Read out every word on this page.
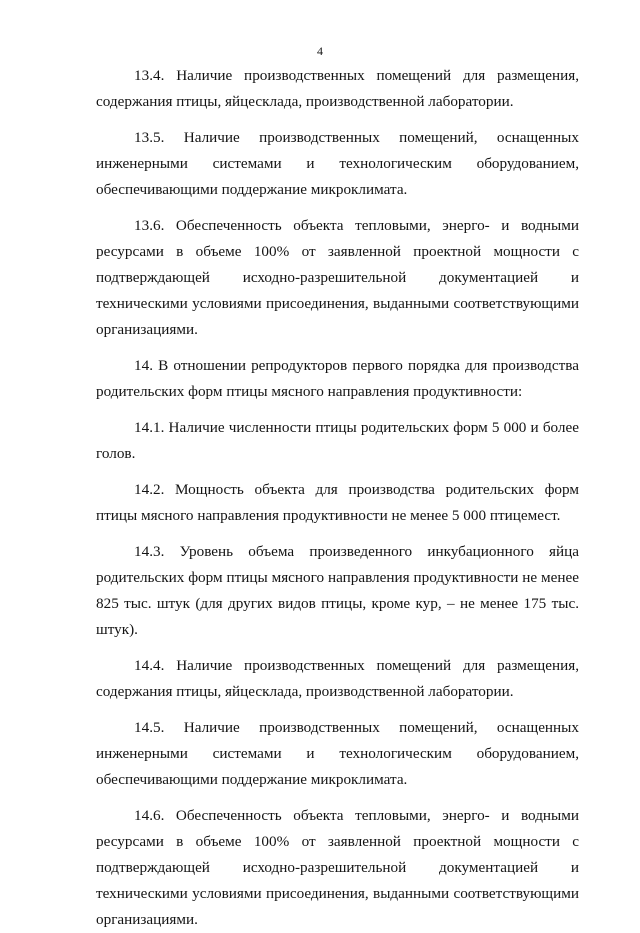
4

13.4. Наличие производственных помещений для размещения, содержания птицы, яйцесклада, производственной лаборатории.

13.5. Наличие производственных помещений, оснащенных инженерными системами и технологическим оборудованием, обеспечивающими поддержание микроклимата.

13.6. Обеспеченность объекта тепловыми, энерго- и водными ресурсами в объеме 100% от заявленной проектной мощности с подтверждающей исходно-разрешительной документацией и техническими условиями присоединения, выданными соответствующими организациями.

14. В отношении репродукторов первого порядка для производства родительских форм птицы мясного направления продуктивности:

14.1. Наличие численности птицы родительских форм 5 000 и более голов.

14.2. Мощность объекта для производства родительских форм птицы мясного направления продуктивности не менее 5 000 птицемест.

14.3. Уровень объема произведенного инкубационного яйца родительских форм птицы мясного направления продуктивности не менее 825 тыс. штук (для других видов птицы, кроме кур, – не менее 175 тыс. штук).

14.4. Наличие производственных помещений для размещения, содержания птицы, яйцесклада, производственной лаборатории.

14.5. Наличие производственных помещений, оснащенных инженерными системами и технологическим оборудованием, обеспечивающими поддержание микроклимата.

14.6. Обеспеченность объекта тепловыми, энерго- и водными ресурсами в объеме 100% от заявленной проектной мощности с подтверждающей исходно-разрешительной документацией и техническими условиями присоединения, выданными соответствующими организациями.
